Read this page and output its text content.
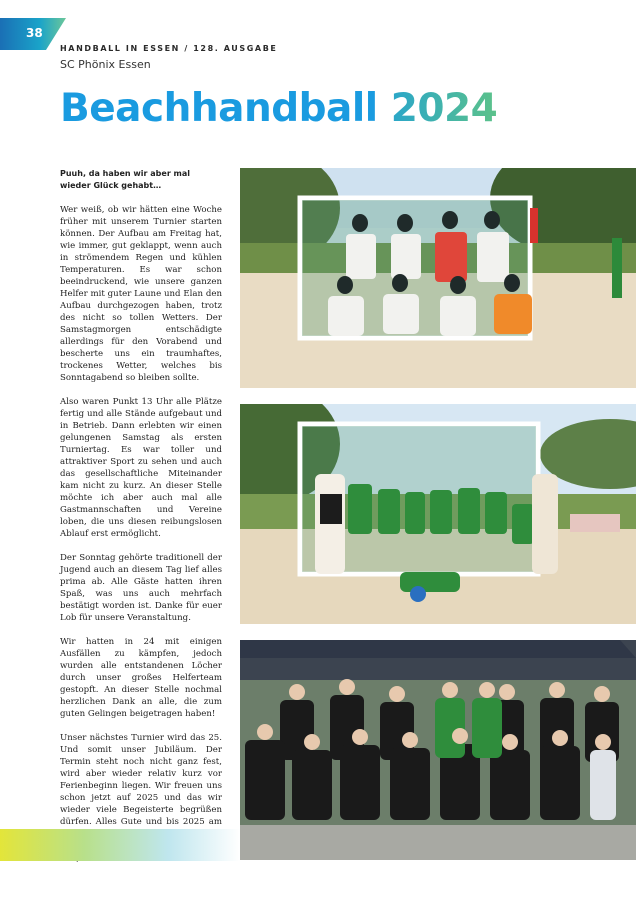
38
HANDBALL IN ESSEN / 128. AUSGABE
SC Phönix Essen
Beachhandball 2024

Puuh, da haben wir aber mal wieder Glück gehabt…

Wer weiß, ob wir hätten eine Woche früher mit unserem Turnier starten können. Der Aufbau am Freitag hat, wie immer, gut geklappt, wenn auch in strömendem Regen und kühlen Temperaturen. Es war schon beeindruckend, wie unsere ganzen Helfer mit guter Laune und Elan den Aufbau durchgezogen haben, trotz des nicht so tollen Wetters. Der Samstagmorgen entschädigte allerdings für den Vorabend und bescherte uns ein traumhaftes, trockenes Wetter, welches bis Sonntagabend so bleiben sollte.

Also waren Punkt 13 Uhr alle Plätze fertig und alle Stände aufgebaut und in Betrieb. Dann erlebten wir einen gelungenen Samstag als ersten Turniertag. Es war toller und attraktiver Sport zu sehen und auch das gesellschaftliche Miteinander kam nicht zu kurz. An dieser Stelle möchte ich aber auch mal alle Gastmannschaften und Vereine loben, die uns diesen reibungslosen Ablauf erst ermöglicht.

Der Sonntag gehörte traditionell der Jugend auch an diesem Tag lief alles prima ab. Alle Gäste hatten ihren Spaß, was uns auch mehrfach bestätigt worden ist. Danke für euer Lob für unsere Veranstaltung.

Wir hatten in 24 mit einigen Ausfällen zu kämpfen, jedoch wurden alle entstandenen Löcher durch unser großes Helferteam gestopft. An dieser Stelle nochmal herzlichen Dank an alle, die zum guten Gelingen beigetragen haben!

Unser nächstes Turnier wird das 25. Und somit unser Jubiläum. Der Termin steht noch nicht ganz fest, wird aber wieder relativ kurz vor Ferienbeginn liegen. Wir freuen uns schon jetzt auf 2025 und das wir wieder viele Begeisterte begrüßen dürfen. Alles Gute und bis 2025 am
